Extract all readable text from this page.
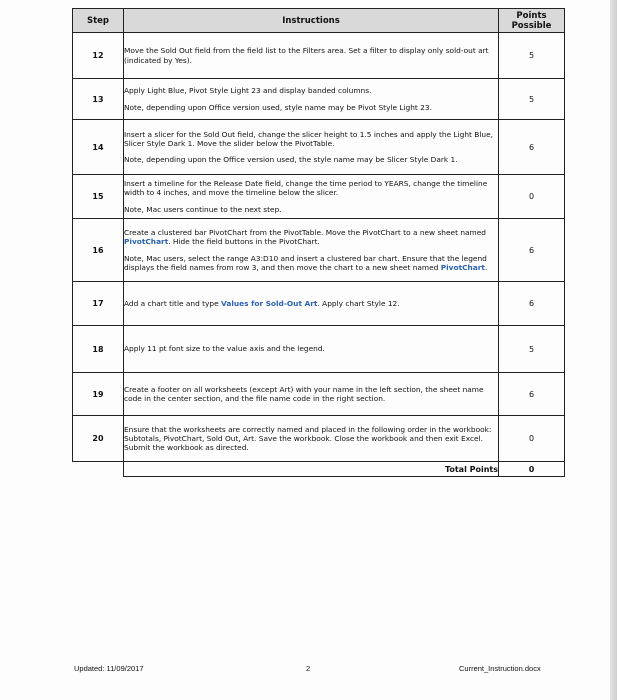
Step	Instructions	Points Possible
12	Move the Sold Out field from the field list to the Filters area. Set a filter to display only sold-out art (indicated by Yes).	5
13	Apply Light Blue, Pivot Style Light 23 and display banded columns.

Note, depending upon Office version used, style name may be Pivot Style Light 23.	5
14	Insert a slicer for the Sold Out field, change the slicer height to 1.5 inches and apply the Light Blue, Slicer Style Dark 1. Move the slider below the PivotTable.

Note, depending upon the Office version used, the style name may be Slicer Style Dark 1.	6
15	Insert a timeline for the Release Date field, change the time period to YEARS, change the timeline width to 4 inches, and move the timeline below the slicer.

Note, Mac users continue to the next step.	0
16	Create a clustered bar PivotChart from the PivotTable. Move the PivotChart to a new sheet named PivotChart. Hide the field buttons in the PivotChart.

Note, Mac users, select the range A3:D10 and insert a clustered bar chart. Ensure that the legend displays the field names from row 3, and then move the chart to a new sheet named PivotChart.	6
17	Add a chart title and type Values for Sold-Out Art. Apply chart Style 12.	6
18	Apply 11 pt font size to the value axis and the legend.	5
19	Create a footer on all worksheets (except Art) with your name in the left section, the sheet name code in the center section, and the file name code in the right section.	6
20	Ensure that the worksheets are correctly named and placed in the following order in the workbook: Subtotals, PivotChart, Sold Out, Art. Save the workbook. Close the workbook and then exit Excel. Submit the workbook as directed.	0
	Total Points	0
Updated: 11/09/2017	2	Current_Instruction.docx
